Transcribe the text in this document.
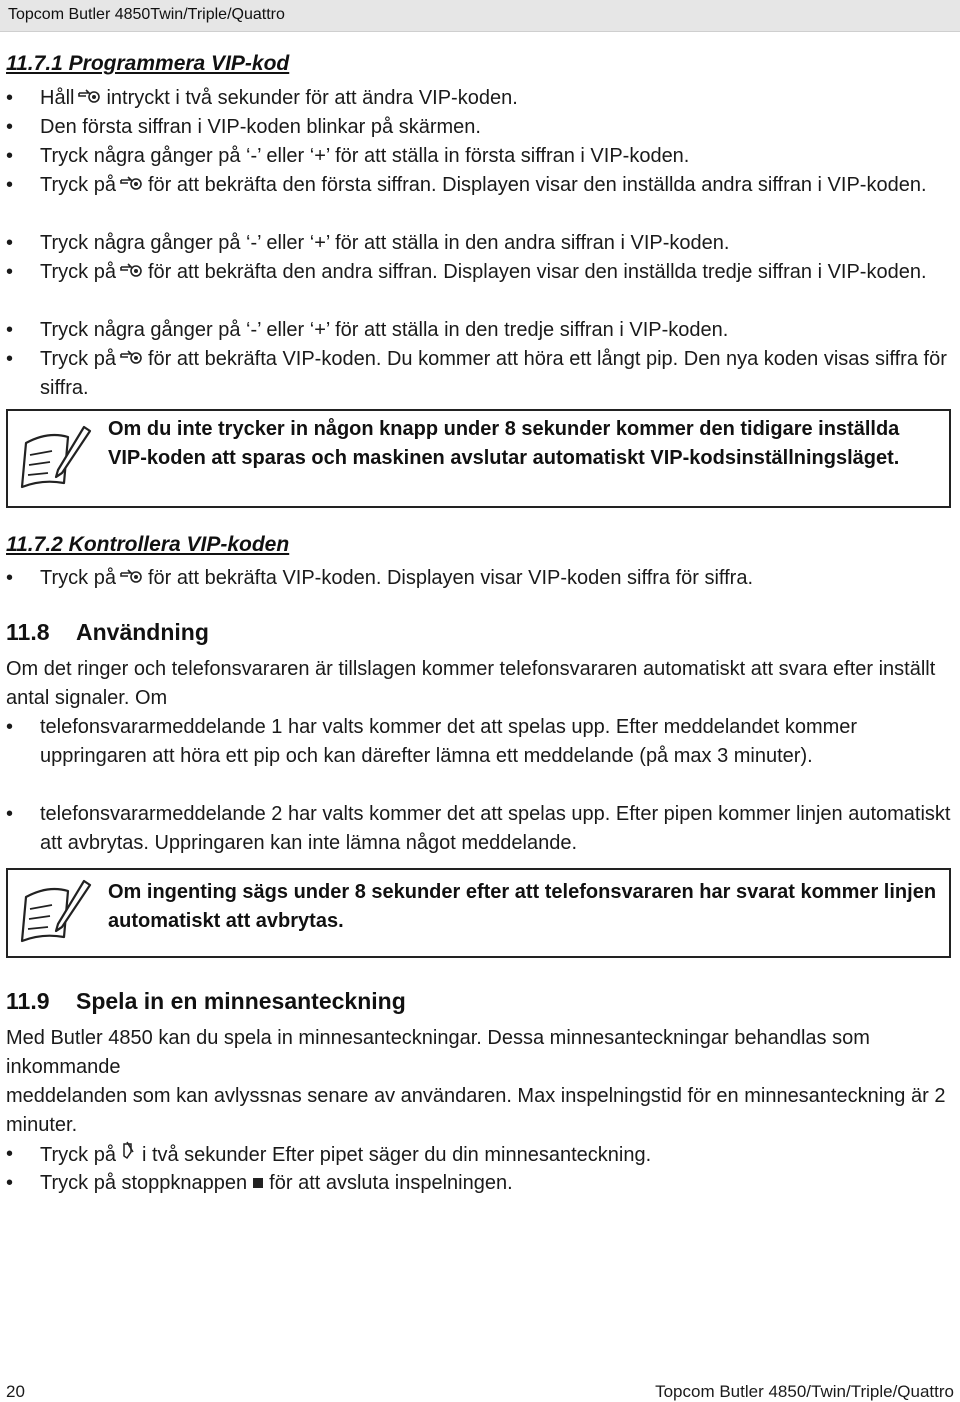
Topcom Butler 4850Twin/Triple/Quattro
11.7.1 Programmera VIP-kod
• Håll intryckt i två sekunder för att ändra VIP-koden.
• Den första siffran i VIP-koden blinkar på skärmen.
• Tryck några gånger på ‘-’ eller ‘+’ för att ställa in första siffran i VIP-koden.
• Tryck på för att bekräfta den första siffran. Displayen visar den inställda andra siffran i VIP-koden.
• Tryck några gånger på ‘-’ eller ‘+’ för att ställa in den andra siffran i VIP-koden.
• Tryck på för att bekräfta den andra siffran. Displayen visar den inställda tredje siffran i VIP-koden.
• Tryck några gånger på ‘-’ eller ‘+’ för att ställa in den tredje siffran i VIP-koden.
• Tryck på för att bekräfta VIP-koden. Du kommer att höra ett långt pip. Den nya koden visas siffra för siffra.
Om du inte trycker in någon knapp under 8 sekunder kommer den tidigare inställda VIP-koden att sparas och maskinen avslutar automatiskt VIP-kodsinställningsläget.
11.7.2 Kontrollera VIP-koden
• Tryck på för att bekräfta VIP-koden. Displayen visar VIP-koden siffra för siffra.
11.8 Användning
Om det ringer och telefonsvararen är tillslagen kommer telefonsvararen automatiskt att svara efter inställt antal signaler. Om
• telefonsvararmeddelande 1 har valts kommer det att spelas upp. Efter meddelandet kommer uppringaren att höra ett pip och kan därefter lämna ett meddelande (på max 3 minuter).
• telefonsvararmeddelande 2 har valts kommer det att spelas upp. Efter pipen kommer linjen automatiskt att avbrytas. Uppringaren kan inte lämna något meddelande.
Om ingenting sägs under 8 sekunder efter att telefonsvararen har svarat kommer linjen automatiskt att avbrytas.
11.9 Spela in en minnesanteckning
Med Butler 4850 kan du spela in minnesanteckningar. Dessa minnesanteckningar behandlas som inkommande
meddelanden som kan avlyssnas senare av användaren. Max inspelningstid för en minnesanteckning är 2 minuter.
• Tryck på i två sekunder Efter pipet säger du din minnesanteckning.
• Tryck på stoppknappen för att avsluta inspelningen.
20	Topcom Butler 4850/Twin/Triple/Quattro
